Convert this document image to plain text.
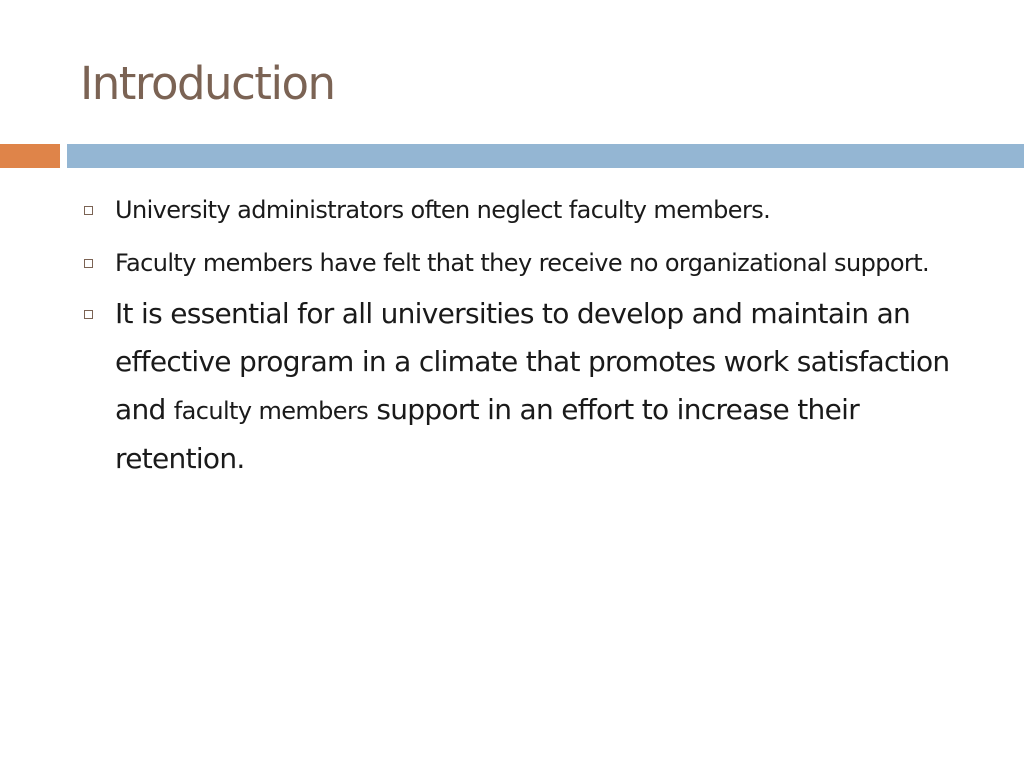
Introduction
University administrators often neglect faculty members.
Faculty members have felt that they receive no organizational support.
It is essential for all universities to develop and maintain an effective program in a climate that promotes work satisfaction and faculty members support in an effort to increase their retention.
